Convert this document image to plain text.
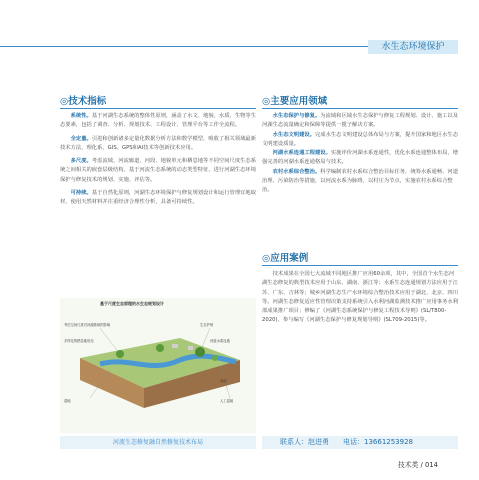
水生态环境保护
◎技术指标

系统性。基于河湖生态系统的整体性原则，涵盖了水文、地貌、水质、生物等生态要素，包括了调查、分析、规划技术、工程设计、管理平台等工作全流程。

全定量。引进和创新诸多定量化数据分析方法和数学模型，吸收了相关领域最新技术方法，理化系、GIS、GPS和AI技术等创新技术应用。

多尺度。考虑流域、河流廊道、河段、地貌单元和栖息地等不同空间尺度生态系统之间相关的嵌套层级结构，基于河流生态系统的动态类型特征，进行河湖生态环境保护与修复技术的规划、实施、评估等。

可持续。基于自然化原则，河湖生态环境保护与修复规划设计和运行管理宜地取材，使用天然材料并注重经济合理性分析，具备可持续性。

基于尺度生态原理的水生态规划设计
考虑空间尺度对河湖系统的影响	生态护坡
湿地	人工湿地
河道水系连通
多样化的栖息地形态
水质
河流生态修复融自然修复技术布局
◎主要应用领域

水生态保护与修复。为流域和区域水生态保护与修复工程规划、设计、施工以及河湖生态流量确定和保障等提供一揽子解决方案。

水生态文明建设。完成水生态文明建设总体布局与方案，提升国家和地区水生态文明建设质量。

河湖水系连通工程建设。实施评价河湖水系连通性，优化水系连通整体布局，增强完善的河湖水系连通格局与技术。

农村水系综合整治。科学编制农村水系综合整治目标任务，统筹水系通畅、河道治理、污染防治等措施，以河流水系为脉络，以村庄为节点，实施农村水系综合整治。

◎应用案例

技术成果在全国七大流域不同地区推广应用60余项，其中，全国首个水生态河湖生态修复的典型技术应用于山东、湖南、浙江等；水系生态连通规划方法应用于江苏、广东、吉林等；城乡河湖生态生产水环境综合整治技术应用于湖北、北京、四川等。河湖生态修复适应性管理决策支持系统引入水利河湖监测技术推广应用事务水利部成果推广项目；修编了《河湖生态系统保护与修复工程技术导则》(SL/T800-2020)、参与编写《河湖生态保护与修复规划导则》(SL709-2015)等。

联系人：赵进勇　　电话：13661253928
技术类 / 014
